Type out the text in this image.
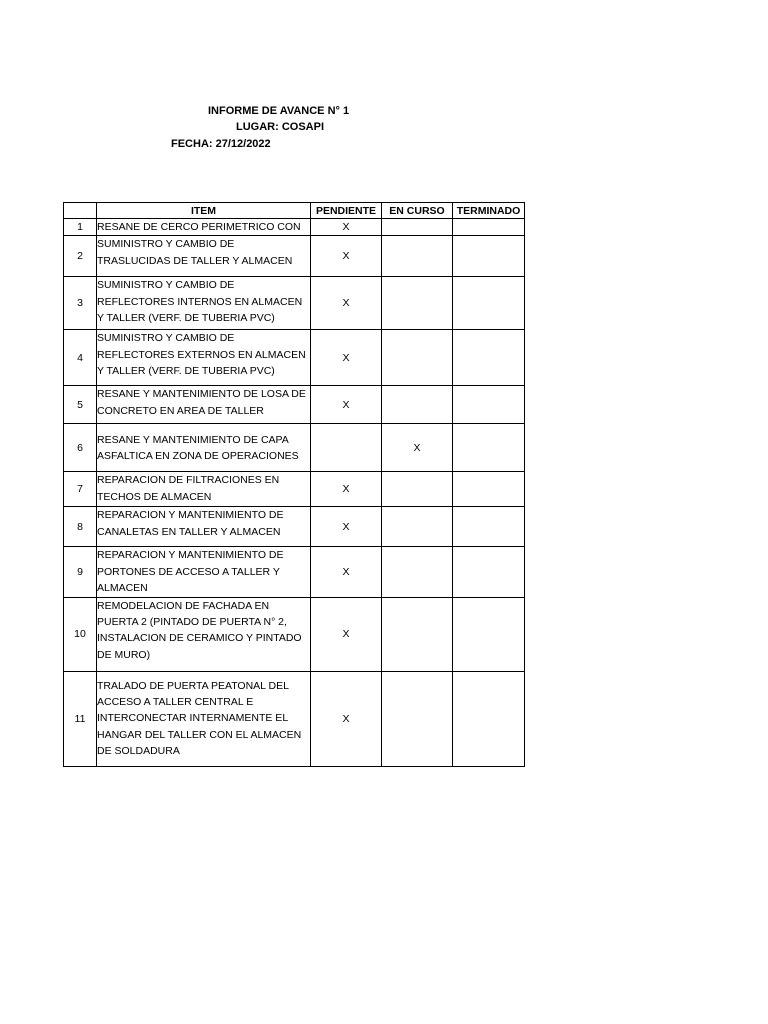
INFORME DE AVANCE N° 1
LUGAR: COSAPI
FECHA: 27/12/2022
	ITEM	PENDIENTE	EN CURSO	TERMINADO
1	RESANE DE CERCO PERIMETRICO CON	X		
2	SUMINISTRO Y CAMBIO DE TRASLUCIDAS DE TALLER Y ALMACEN	X		
3	SUMINISTRO Y CAMBIO DE REFLECTORES INTERNOS EN ALMACEN Y TALLER (VERF. DE TUBERIA PVC)	X		
4	SUMINISTRO Y CAMBIO DE REFLECTORES EXTERNOS EN ALMACEN Y TALLER (VERF. DE TUBERIA PVC)	X		
5	RESANE Y MANTENIMIENTO DE LOSA DE CONCRETO EN AREA DE TALLER	X		
6	RESANE Y MANTENIMIENTO DE CAPA ASFALTICA EN ZONA DE OPERACIONES		X	
7	REPARACION DE FILTRACIONES EN TECHOS DE ALMACEN	X		
8	REPARACION Y MANTENIMIENTO DE CANALETAS EN TALLER Y ALMACEN	X		
9	REPARACION Y MANTENIMIENTO DE PORTONES DE ACCESO A TALLER Y ALMACEN	X		
10	REMODELACION DE FACHADA EN PUERTA 2 (PINTADO DE PUERTA N° 2, INSTALACION DE CERAMICO Y PINTADO DE MURO)	X		
11	TRALADO DE PUERTA PEATONAL DEL ACCESO A TALLER CENTRAL E INTERCONECTAR INTERNAMENTE EL HANGAR DEL TALLER CON EL ALMACEN DE SOLDADURA	X		
